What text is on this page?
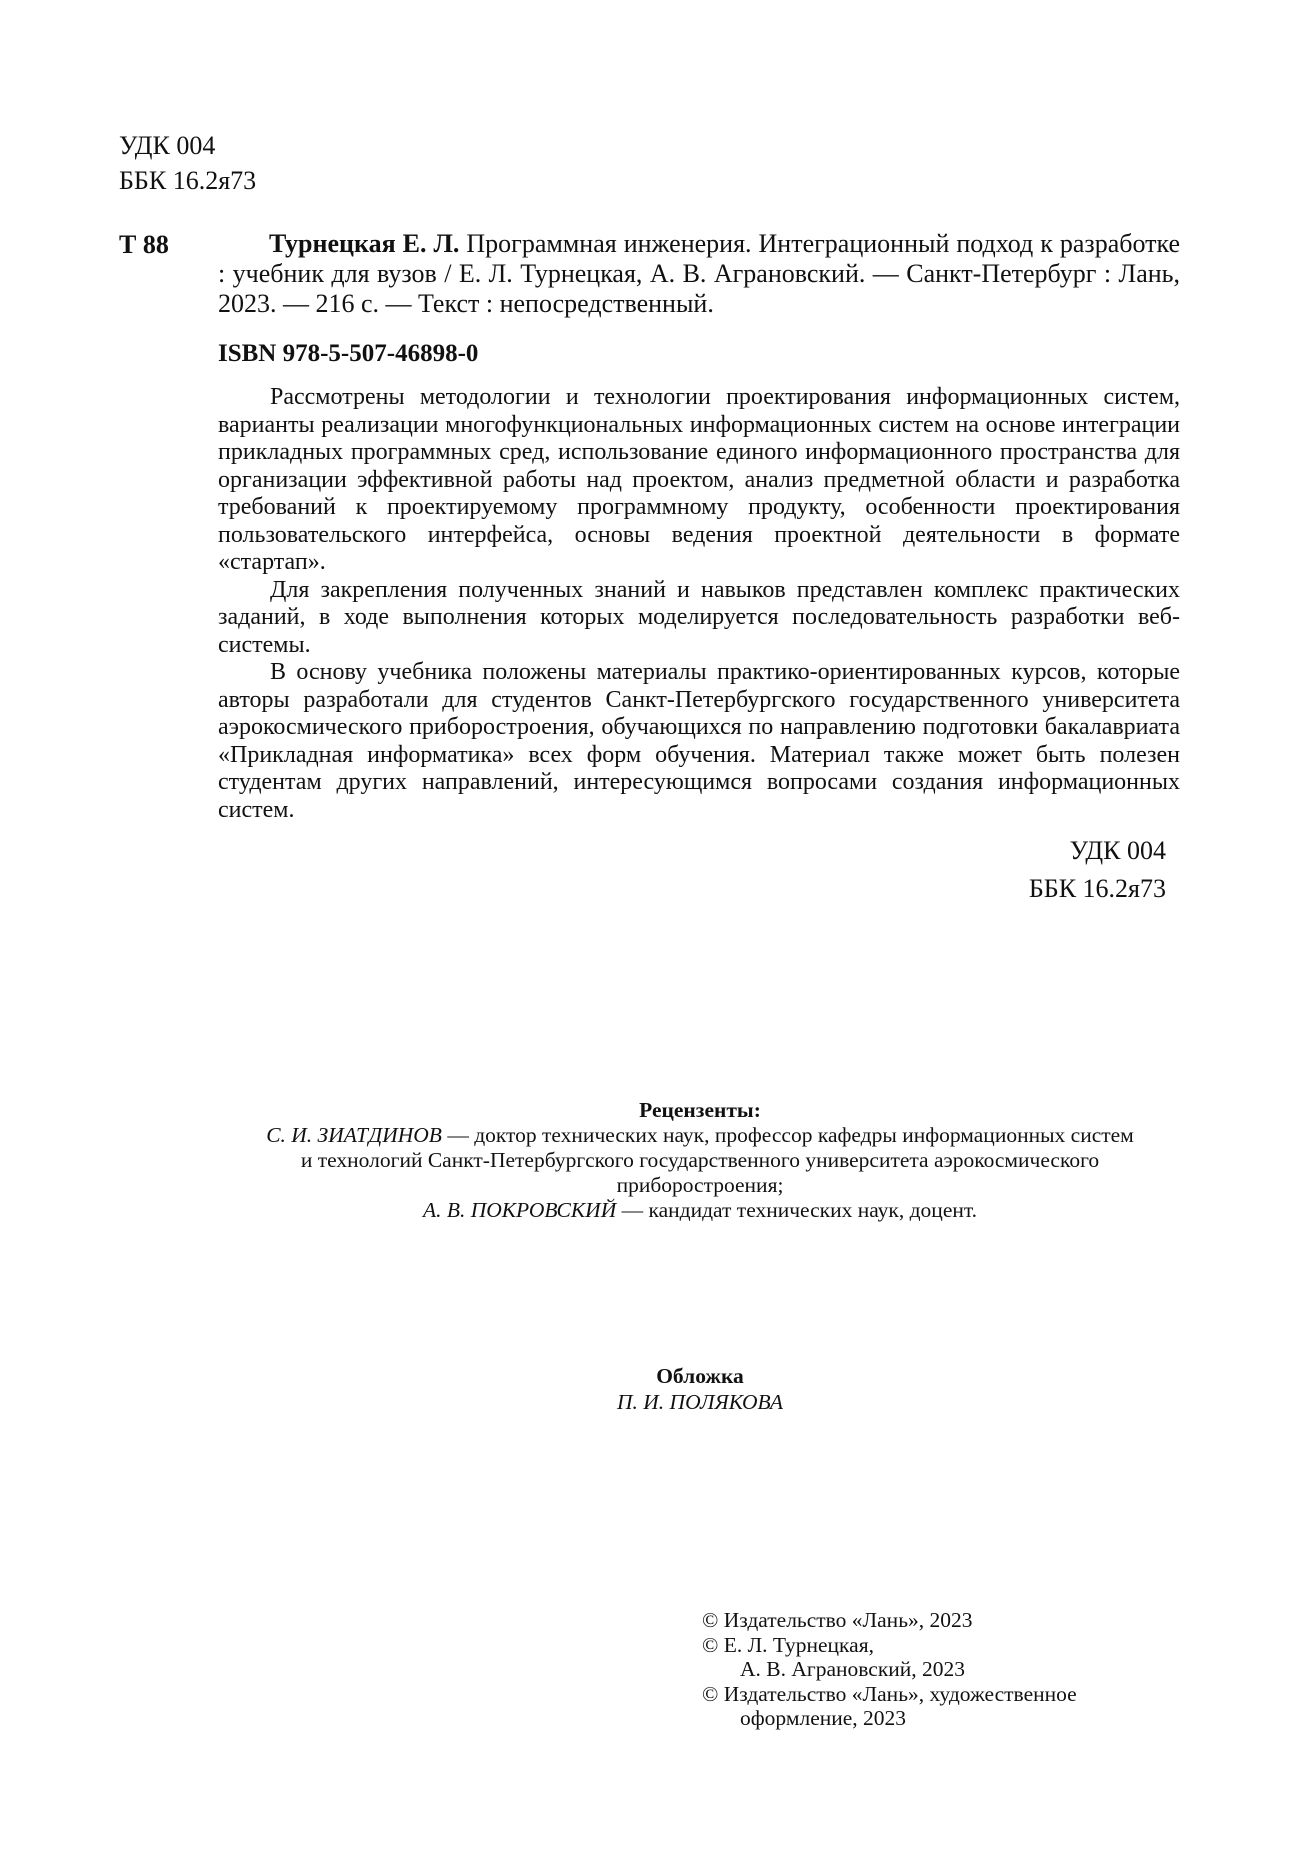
УДК 004
ББК 16.2я73
Т 88	Турнецкая Е. Л. Программная инженерия. Интеграционный подход к разработке : учебник для вузов / Е. Л. Турнецкая, А. В. Аграновский. — Санкт-Петербург : Лань, 2023. — 216 с. — Текст : непосредственный.

ISBN 978-5-507-46898-0

Рассмотрены методологии и технологии проектирования информационных систем, варианты реализации многофункциональных информационных систем на основе интеграции прикладных программных сред, использование единого информационного пространства для организации эффективной работы над проектом, анализ предметной области и разработка требований к проектируемому программному продукту, особенности проектирования пользовательского интерфейса, основы ведения проектной деятельности в формате «стартап».

Для закрепления полученных знаний и навыков представлен комплекс практических заданий, в ходе выполнения которых моделируется последовательность разработки веб-системы.

В основу учебника положены материалы практико-ориентированных курсов, которые авторы разработали для студентов Санкт-Петербургского государственного университета аэрокосмического приборостроения, обучающихся по направлению подготовки бакалавриата «Прикладная информатика» всех форм обучения. Материал также может быть полезен студентам других направлений, интересующимся вопросами создания информационных систем.

УДК 004
ББК 16.2я73
Рецензенты:
С. И. ЗИАТДИНОВ — доктор технических наук, профессор кафедры информационных систем
и технологий Санкт-Петербургского государственного университета аэрокосмического
приборостроения;
А. В. ПОКРОВСКИЙ — кандидат технических наук, доцент.
Обложка
П. И. ПОЛЯКОВА
© Издательство «Лань», 2023
© Е. Л. Турнецкая,
А. В. Аграновский, 2023
© Издательство «Лань», художественное
оформление, 2023
